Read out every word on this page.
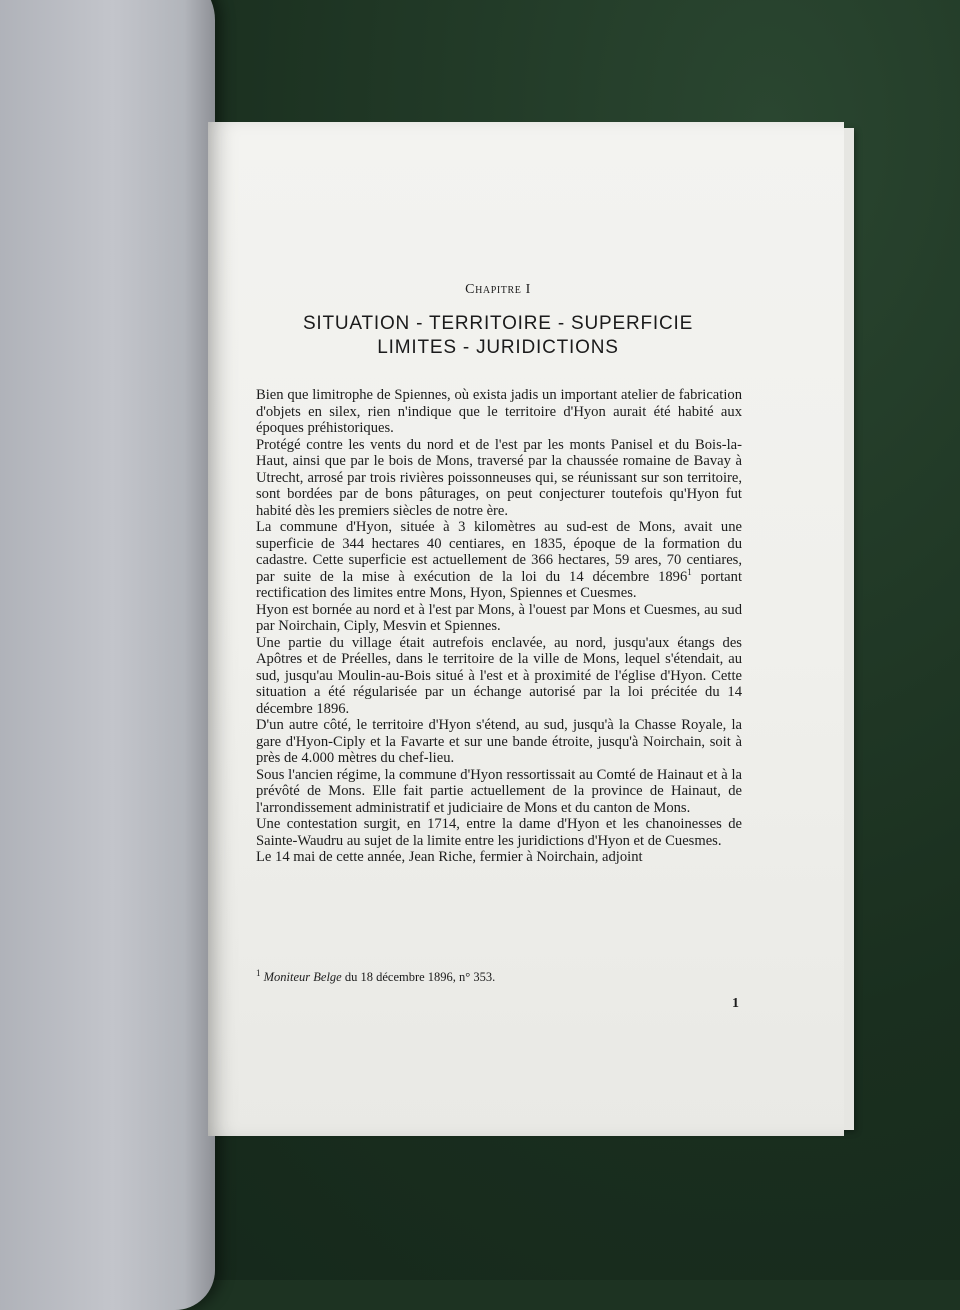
Chapitre I
SITUATION - TERRITOIRE - SUPERFICIE
LIMITES - JURIDICTIONS

Bien que limitrophe de Spiennes, où exista jadis un important atelier de fabrication d'objets en silex, rien n'indique que le territoire d'Hyon aurait été habité aux époques préhistoriques.

Protégé contre les vents du nord et de l'est par les monts Panisel et du Bois-la-Haut, ainsi que par le bois de Mons, traversé par la chaussée romaine de Bavay à Utrecht, arrosé par trois rivières poissonneuses qui, se réunissant sur son territoire, sont bordées par de bons pâturages, on peut conjecturer toutefois qu'Hyon fut habité dès les premiers siècles de notre ère.

La commune d'Hyon, située à 3 kilomètres au sud-est de Mons, avait une superficie de 344 hectares 40 centiares, en 1835, époque de la formation du cadastre. Cette superficie est actuellement de 366 hectares, 59 ares, 70 centiares, par suite de la mise à exécution de la loi du 14 décembre 1896$^1$ portant rectification des limites entre Mons, Hyon, Spiennes et Cuesmes.

Hyon est bornée au nord et à l'est par Mons, à l'ouest par Mons et Cuesmes, au sud par Noirchain, Ciply, Mesvin et Spiennes.

Une partie du village était autrefois enclavée, au nord, jusqu'aux étangs des Apôtres et de Préelles, dans le territoire de la ville de Mons, lequel s'étendait, au sud, jusqu'au Moulin-au-Bois situé à l'est et à proximité de l'église d'Hyon. Cette situation a été régularisée par un échange autorisé par la loi précitée du 14 décembre 1896.

D'un autre côté, le territoire d'Hyon s'étend, au sud, jusqu'à la Chasse Royale, la gare d'Hyon-Ciply et la Favarte et sur une bande étroite, jusqu'à Noirchain, soit à près de 4.000 mètres du chef-lieu.

Sous l'ancien régime, la commune d'Hyon ressortissait au Comté de Hainaut et à la prévôté de Mons. Elle fait partie actuellement de la province de Hainaut, de l'arrondissement administratif et judiciaire de Mons et du canton de Mons.

Une contestation surgit, en 1714, entre la dame d'Hyon et les chanoinesses de Sainte-Waudru au sujet de la limite entre les juridictions d'Hyon et de Cuesmes.

Le 14 mai de cette année, Jean Riche, fermier à Noirchain, adjoint

$^1$ Moniteur Belge du 18 décembre 1896, n° 353.
1
